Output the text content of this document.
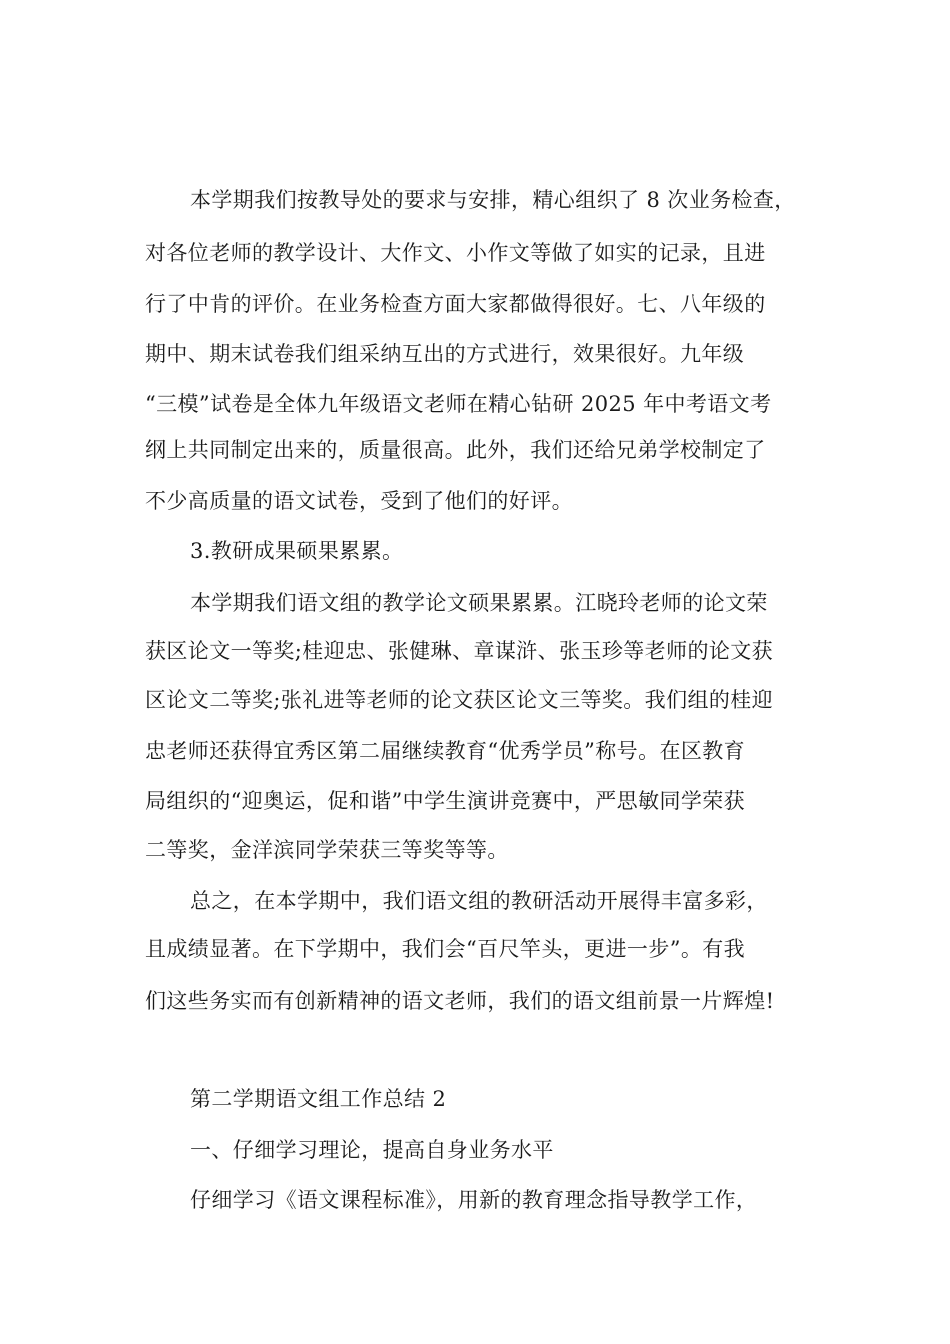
本学期我们按教导处的要求与安排，精心组织了 8 次业务检查，
对各位老师的教学设计、大作文、小作文等做了如实的记录，且进
行了中肯的评价。在业务检查方面大家都做得很好。七、八年级的
期中、期末试卷我们组采纳互出的方式进行，效果很好。九年级
“三模”试卷是全体九年级语文老师在精心钻研 2025 年中考语文考
纲上共同制定出来的，质量很高。此外，我们还给兄弟学校制定了
不少高质量的语文试卷，受到了他们的好评。
3.教研成果硕果累累。
本学期我们语文组的教学论文硕果累累。江晓玲老师的论文荣
获区论文一等奖;桂迎忠、张健琳、章谋浒、张玉珍等老师的论文获
区论文二等奖;张礼进等老师的论文获区论文三等奖。我们组的桂迎
忠老师还获得宜秀区第二届继续教育“优秀学员”称号。在区教育
局组织的“迎奥运，促和谐”中学生演讲竞赛中，严思敏同学荣获
二等奖，金洋滨同学荣获三等奖等等。
总之，在本学期中，我们语文组的教研活动开展得丰富多彩，
且成绩显著。在下学期中，我们会“百尺竿头，更进一步”。有我
们这些务实而有创新精神的语文老师，我们的语文组前景一片辉煌!
第二学期语文组工作总结 2
一、仔细学习理论，提高自身业务水平
仔细学习《语文课程标准》，用新的教育理念指导教学工作，
